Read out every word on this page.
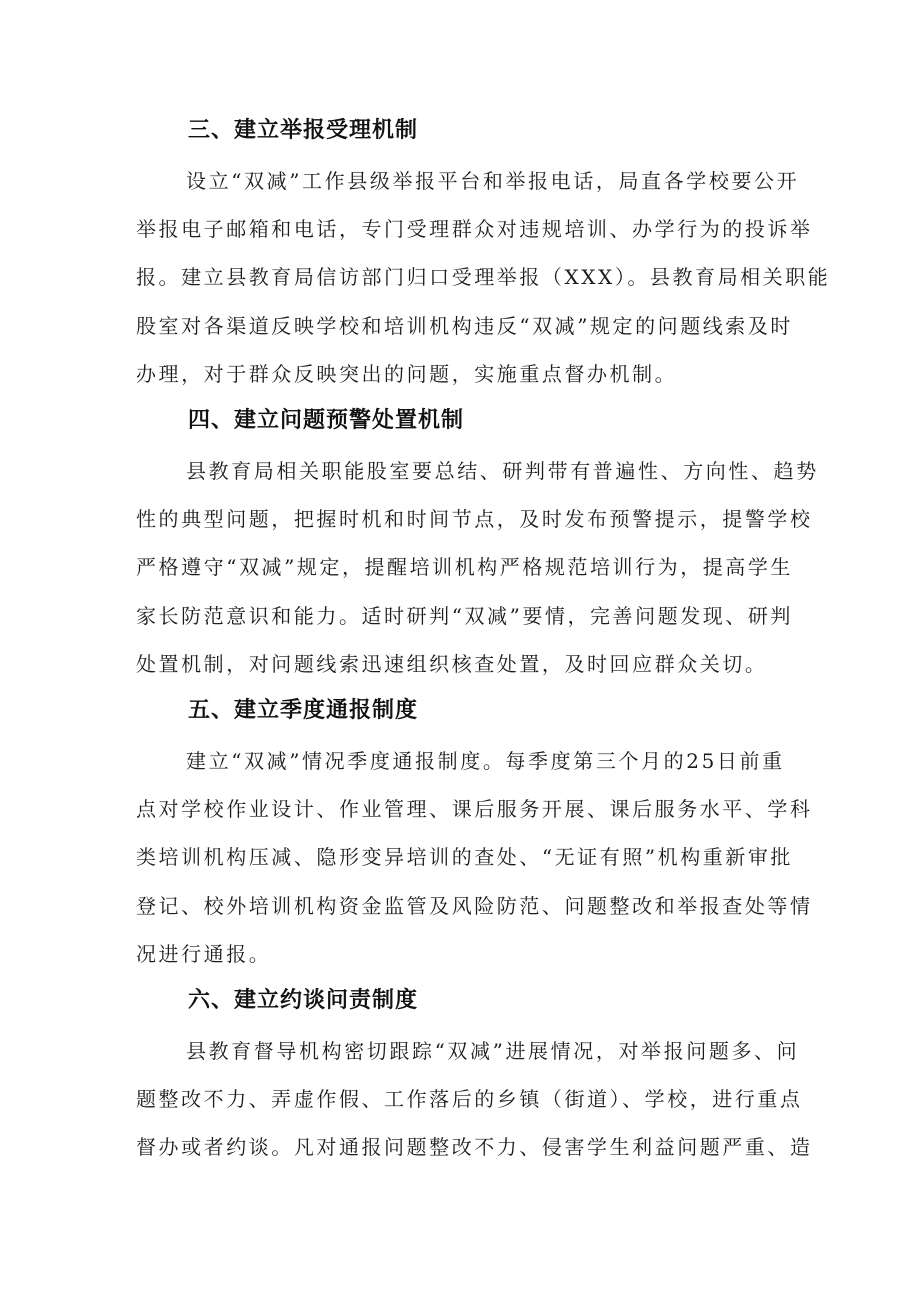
三、建立举报受理机制
设立“双减”工作县级举报平台和举报电话，局直各学校要公开
举报电子邮箱和电话，专门受理群众对违规培训、办学行为的投诉举
报。建立县教育局信访部门归口受理举报（XXX）。县教育局相关职能
股室对各渠道反映学校和培训机构违反“双减”规定的问题线索及时
办理，对于群众反映突出的问题，实施重点督办机制。
四、建立问题预警处置机制
县教育局相关职能股室要总结、研判带有普遍性、方向性、趋势
性的典型问题，把握时机和时间节点，及时发布预警提示，提警学校
严格遵守“双减”规定，提醒培训机构严格规范培训行为，提高学生
家长防范意识和能力。适时研判“双减”要情，完善问题发现、研判
处置机制，对问题线索迅速组织核查处置，及时回应群众关切。
五、建立季度通报制度
建立“双减”情况季度通报制度。每季度第三个月的25日前重
点对学校作业设计、作业管理、课后服务开展、课后服务水平、学科
类培训机构压减、隐形变异培训的查处、“无证有照”机构重新审批
登记、校外培训机构资金监管及风险防范、问题整改和举报查处等情
况进行通报。
六、建立约谈问责制度
县教育督导机构密切跟踪“双减”进展情况，对举报问题多、问
题整改不力、弄虚作假、工作落后的乡镇（街道）、学校，进行重点
督办或者约谈。凡对通报问题整改不力、侵害学生利益问题严重、造
